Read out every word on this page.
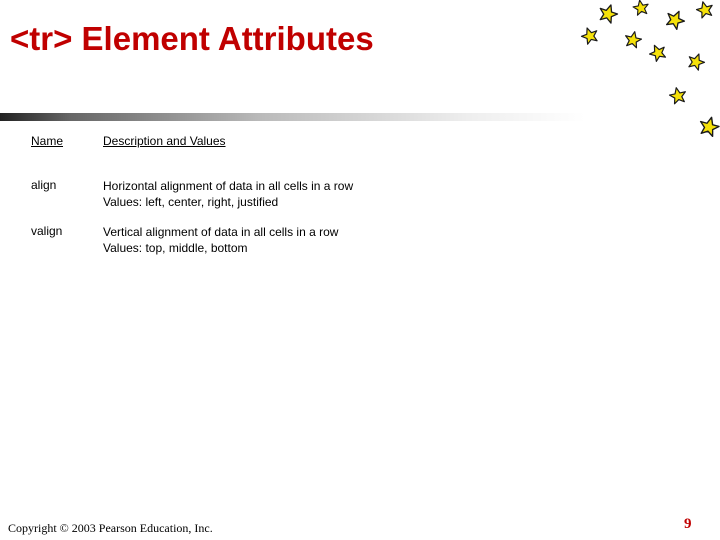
<tr> Element Attributes
Name	Description and Values
align	Horizontal alignment of data in all cells in a row
Values: left, center, right, justified
valign	Vertical alignment of data in all cells in a row
Values: top, middle, bottom
Copyright © 2003 Pearson Education, Inc.	9
